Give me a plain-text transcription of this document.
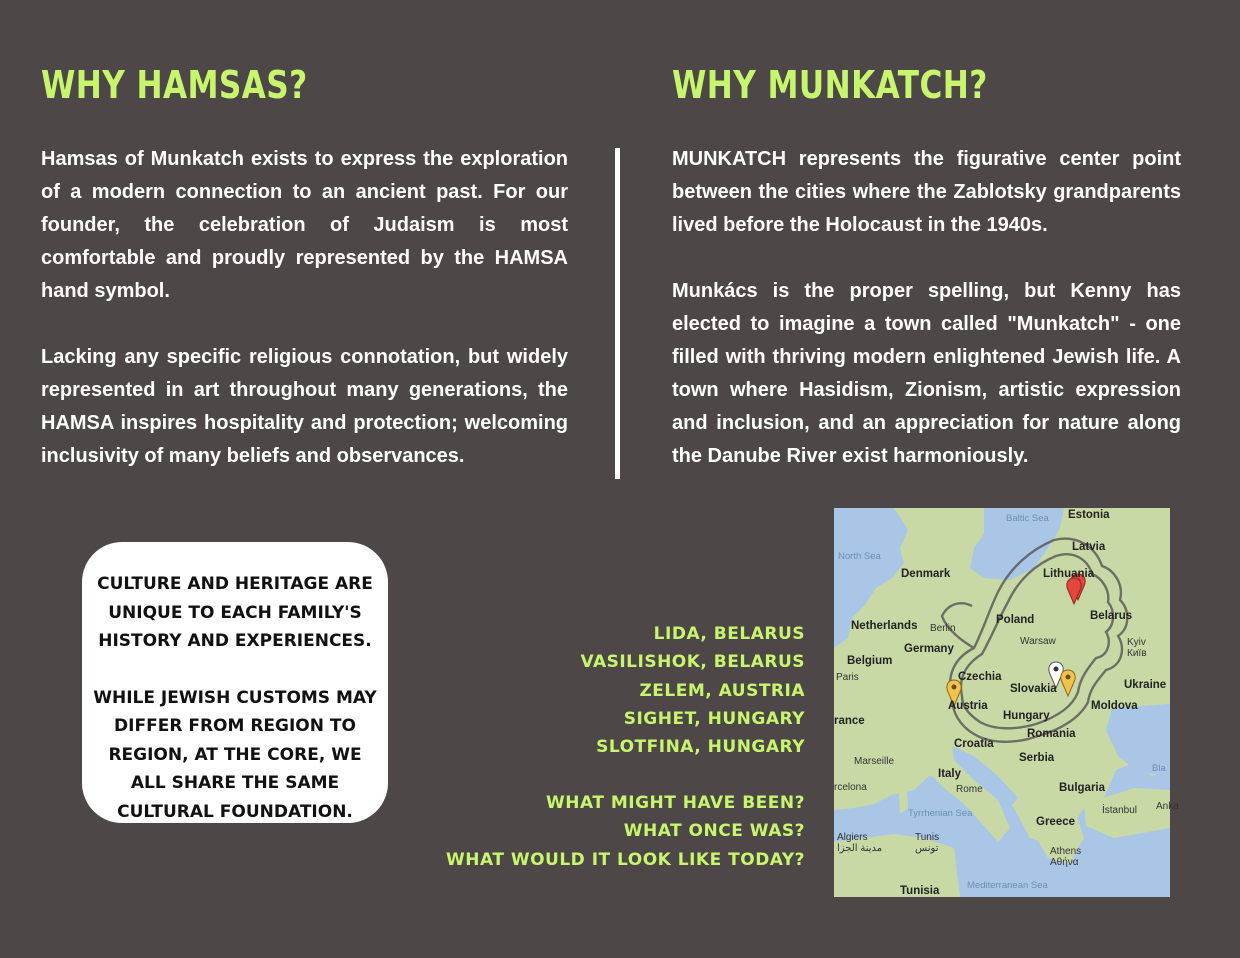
WHY HAMSAS?

Hamsas of Munkatch exists to express the exploration of a modern connection to an ancient past. For our founder, the celebration of Judaism is most comfortable and proudly represented by the HAMSA hand symbol.

Lacking any specific religious connotation, but widely represented in art throughout many generations, the HAMSA inspires hospitality and protection; welcoming inclusivity of many beliefs and observances.

WHY MUNKATCH?

MUNKATCH represents the figurative center point between the cities where the Zablotsky grandparents lived before the Holocaust in the 1940s.

Munkács is the proper spelling, but Kenny has elected to imagine a town called "Munkatch" - one filled with thriving modern enlightened Jewish life. A town where Hasidism, Zionism, artistic expression and inclusion, and an appreciation for nature along the Danube River exist harmoniously.

CULTURE AND HERITAGE ARE UNIQUE TO EACH FAMILY'S HISTORY AND EXPERIENCES.

WHILE JEWISH CUSTOMS MAY DIFFER FROM REGION TO REGION, AT THE CORE, WE ALL SHARE THE SAME CULTURAL FOUNDATION.

LIDA, BELARUS
VASILISHOK, BELARUS
ZELEM, AUSTRIA
SIGHET, HUNGARY
SLOTFINA, HUNGARY
WHAT MIGHT HAVE BEEN?
WHAT ONCE WAS?
WHAT WOULD IT LOOK LIKE TODAY?
Baltic Sea Estonia
North Sea
Latvia
Denmark	Lithuania
Belarus
Netherlands Berlin
Poland
Warsaw	Kyiv
Київ
Germany
Belgium
Paris	Czechia
Slovakia	Ukraine
Austria
Hungary
Moldova
rance
Romania
Croatia
Marseille	Serbia
Italy	Bla
rcelona	Rome	Bulgaria
İstanbul Anka
Tyrrhenian Sea
Greece
Algiers
مدينة الجزا
Tunis
تونس	Athens
Αθήνα
Mediterranean Sea
Tunisia
